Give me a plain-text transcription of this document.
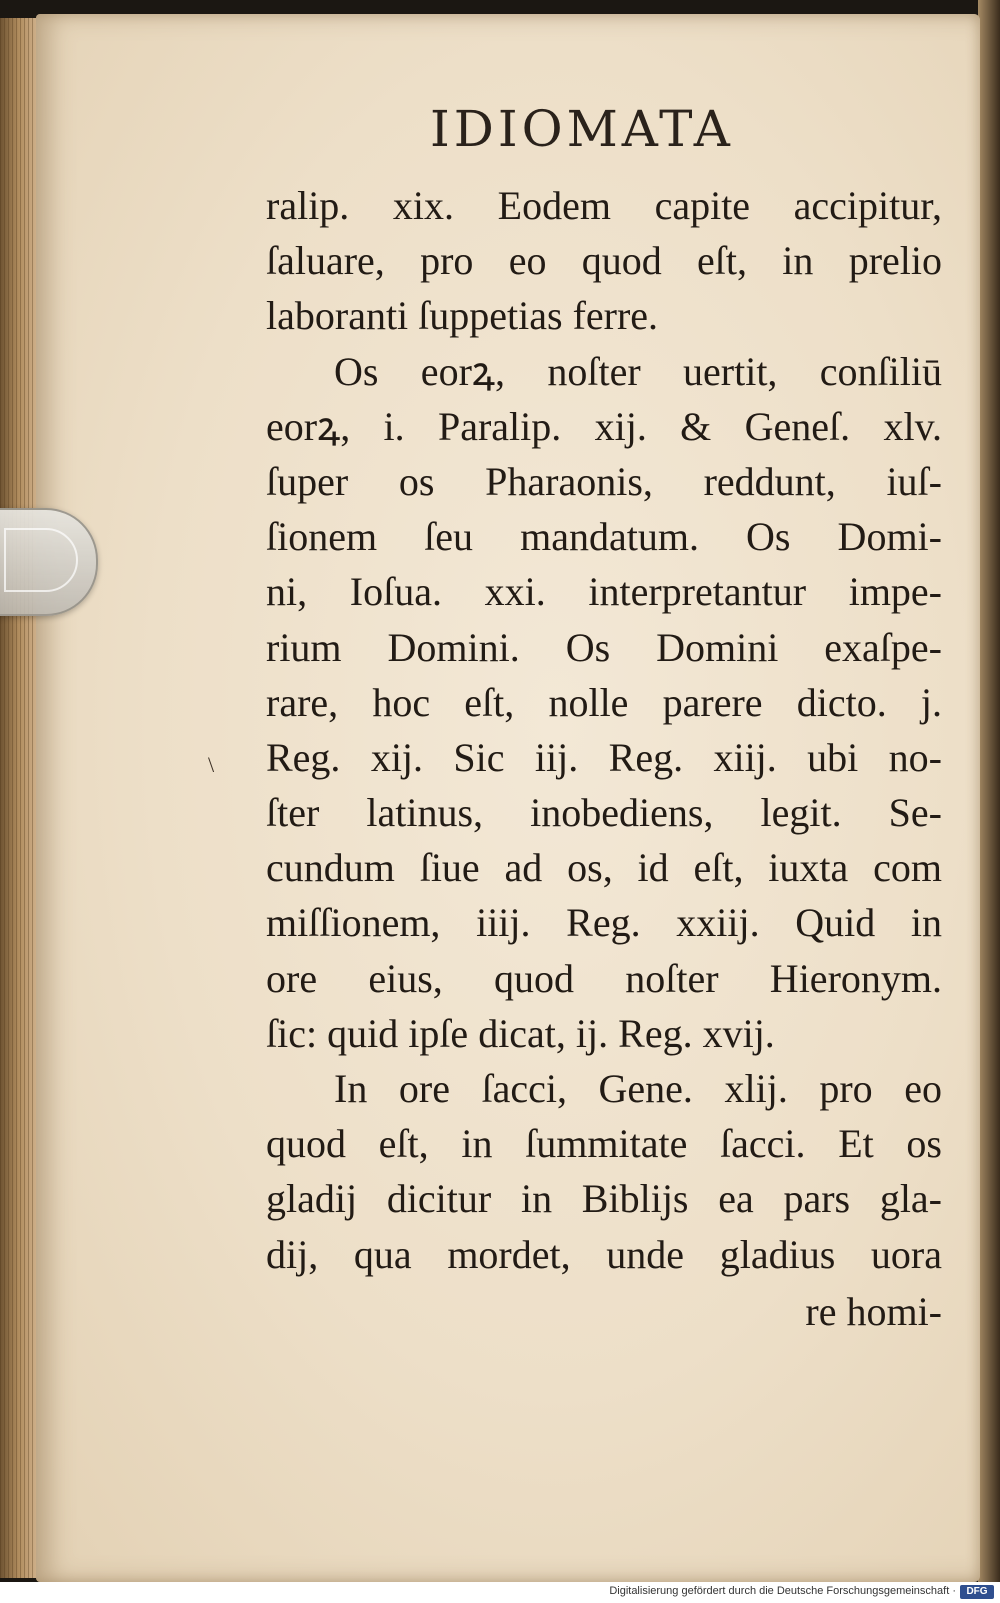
IDIOMATA
ralip. xix. Eodem capite accipitur,
ſaluare, pro eo quod eſt, in prelio
laboranti ſuppetias ferre.
Os eorꝝ, noſter uertit, conſiliū
eorꝝ, i. Paralip. xij. & Geneſ. xlv.
ſuper os Pharaonis, reddunt, iuſ-
ſionem ſeu mandatum. Os Domi-
ni, Ioſua. xxi. interpretantur impe-
rium Domini. Os Domini exaſpe-
rare, hoc eſt, nolle parere dicto. j.
Reg. xij. Sic iij. Reg. xiij. ubi no-
ſter latinus, inobediens, legit. Se-
cundum ſiue ad os, id eſt, iuxta com
miſſionem, iiij. Reg. xxiij. Quid in
ore eius, quod noſter Hieronym.
ſic: quid ipſe dicat, ij. Reg. xvij.
In ore ſacci, Gene. xlij. pro eo
quod eſt, in ſummitate ſacci. Et os
gladij dicitur in Biblijs ea pars gla-
dij, qua mordet, unde gladius uora
re homi-
\
Digitalisierung gefördert durch die Deutsche Forschungsgemeinschaft ·	DFG
